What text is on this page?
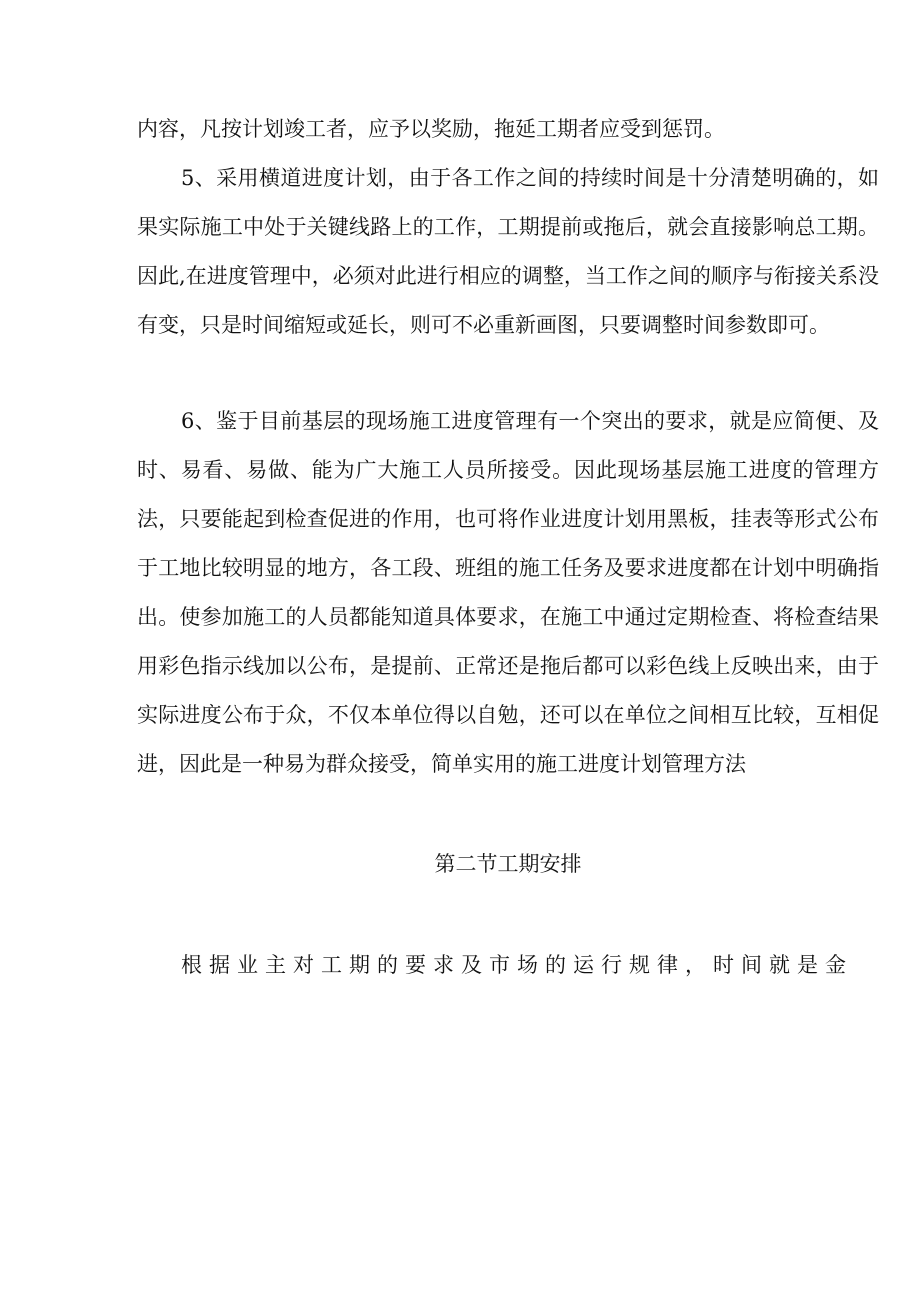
内容，凡按计划竣工者，应予以奖励，拖延工期者应受到惩罚。

5、采用横道进度计划，由于各工作之间的持续时间是十分清楚明确的，如果实际施工中处于关键线路上的工作，工期提前或拖后，就会直接影响总工期。因此,在进度管理中，必须对此进行相应的调整，当工作之间的顺序与衔接关系没有变，只是时间缩短或延长，则可不必重新画图，只要调整时间参数即可。

6、鉴于目前基层的现场施工进度管理有一个突出的要求，就是应简便、及时、易看、易做、能为广大施工人员所接受。因此现场基层施工进度的管理方法，只要能起到检查促进的作用，也可将作业进度计划用黑板，挂表等形式公布于工地比较明显的地方，各工段、班组的施工任务及要求进度都在计划中明确指出。使参加施工的人员都能知道具体要求，在施工中通过定期检查、将检查结果用彩色指示线加以公布，是提前、正常还是拖后都可以彩色线上反映出来，由于实际进度公布于众，不仅本单位得以自勉，还可以在单位之间相互比较，互相促进，因此是一种易为群众接受，简单实用的施工进度计划管理方法

第二节工期安排

根据业主对工期的要求及市场的运行规律，时间就是金
